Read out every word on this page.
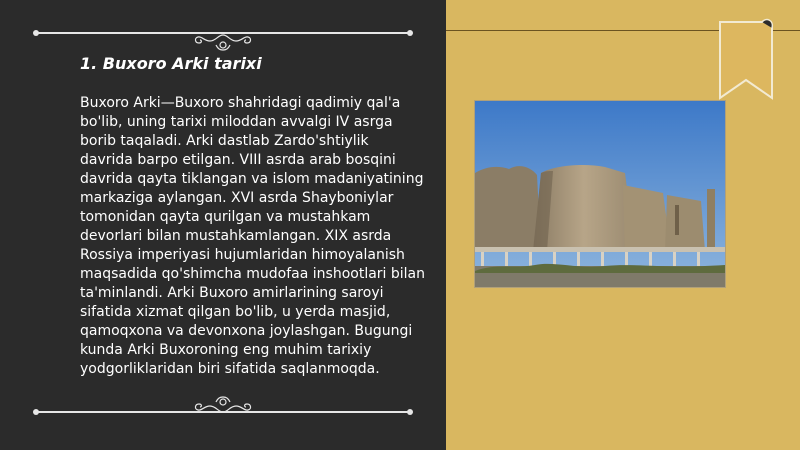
1. Buxoro Arki tarixi

Buxoro Arki—Buxoro shahridagi qadimiy qal'a bo'lib, uning tarixi miloddan avvalgi IV asrga borib taqaladi. Arki dastlab Zardo'shtiylik davrida barpo etilgan. VIII asrda arab bosqini davrida qayta tiklangan va islom madaniyatining markaziga aylangan. XVI asrda Shayboniylar tomonidan qayta qurilgan va mustahkam devorlari bilan mustahkamlangan. XIX asrda Rossiya imperiyasi hujumlaridan himoyalanish maqsadida qo'shimcha mudofaa inshootlari bilan ta'minlandi. Arki Buxoro amirlarining saroyi sifatida xizmat qilgan bo'lib, u yerda masjid, qamoqxona va devonxona joylashgan. Bugungi kunda Arki Buxoroning eng muhim tarixiy yodgorliklaridan biri sifatida saqlanmoqda.
